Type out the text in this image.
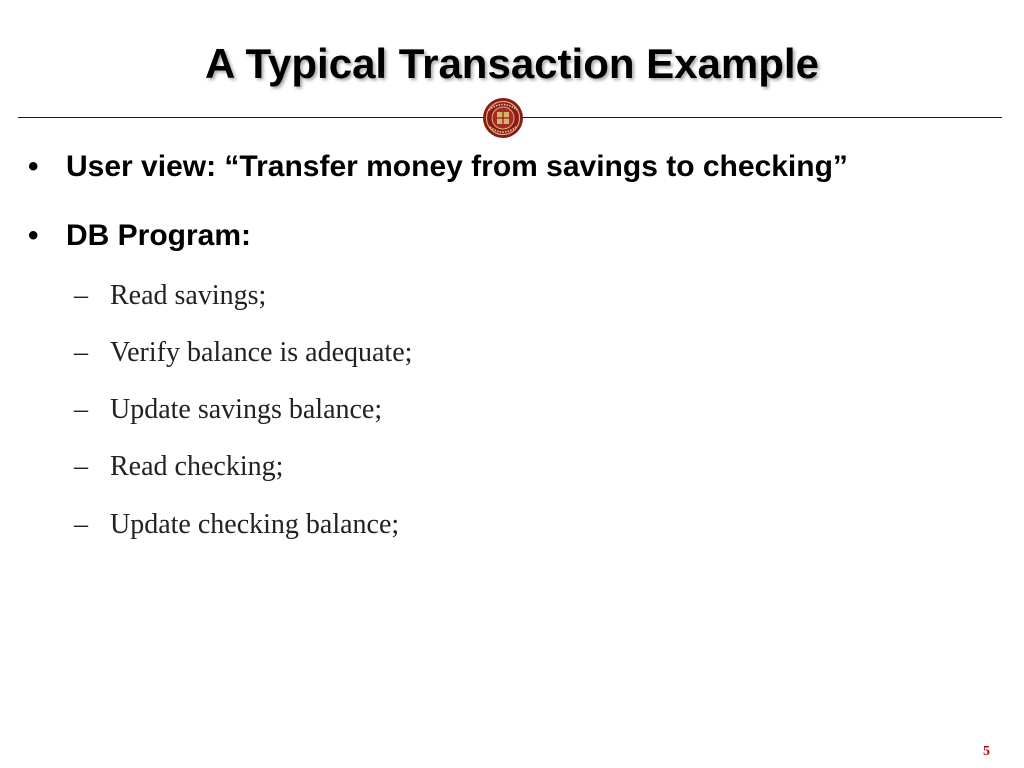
A Typical Transaction Example
• User view: “Transfer money from savings to checking”
• DB Program:
– Read savings;
– Verify balance is adequate;
– Update savings balance;
– Read checking;
– Update checking balance;
5
